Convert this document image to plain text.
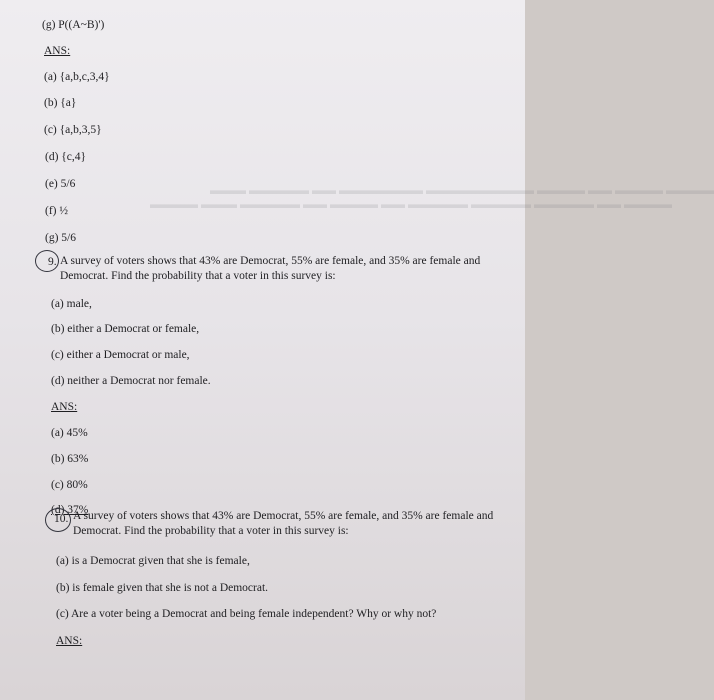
▬▬▬ ▬▬▬▬▬ ▬▬ ▬▬▬▬▬▬▬ ▬▬▬▬▬▬▬▬▬ ▬▬▬▬ ▬▬ ▬▬▬▬ ▬▬▬▬
▬▬▬▬ ▬▬▬ ▬▬▬▬▬ ▬▬ ▬▬▬▬ ▬▬ ▬▬▬▬▬ ▬▬▬▬▬ ▬▬▬▬▬ ▬▬ ▬▬▬▬
(g) P((A~B)')
ANS:
(a) {a,b,c,3,4}
(b) {a}
(c) {a,b,3,5}
(d) {c,4}
(e) 5/6
(f) ½
(g) 5/6
9. A survey of voters shows that 43% are Democrat, 55% are female, and 35% are female and Democrat. Find the probability that a voter in this survey is:
(a) male,
(b) either a Democrat or female,
(c) either a Democrat or male,
(d) neither a Democrat nor female.
ANS:
(a) 45%
(b) 63%
(c) 80%
(d) 37%
10. A survey of voters shows that 43% are Democrat, 55% are female, and 35% are female and Democrat. Find the probability that a voter in this survey is:
(a) is a Democrat given that she is female,
(b) is female given that she is not a Democrat.
(c) Are a voter being a Democrat and being female independent? Why or why not?
ANS:
